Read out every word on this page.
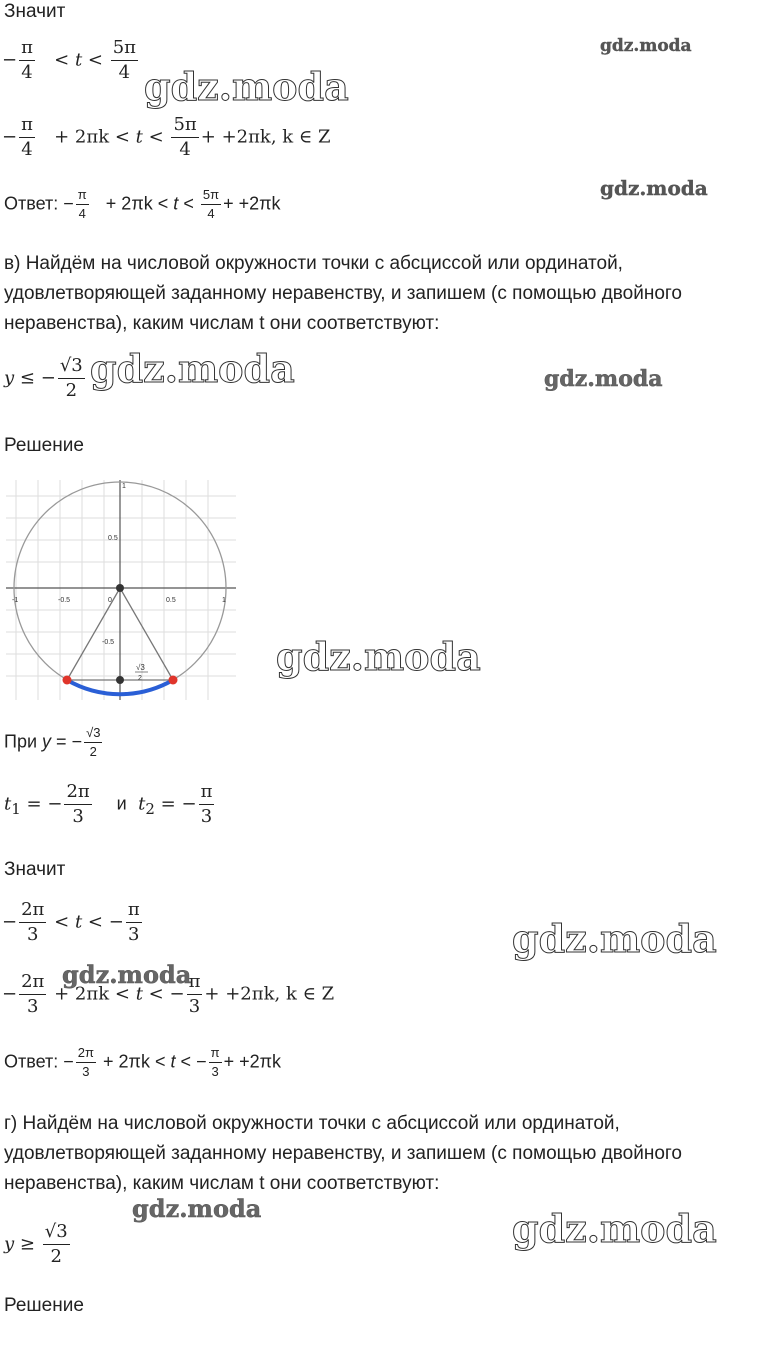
Значит
− $\frac{\pi}{4} < t < \frac{5\pi}{4}$
− $\frac{\pi}{4} + 2\pi k < t < \frac{5\pi}{4} + +2\pi k$, k ∈ Z
Ответ: − $\frac{\pi}{4} + 2\pi k < t < \frac{5\pi}{4} + +2\pi k$
в) Найдём на числовой окружности точки с абсциссой или ординатой,
удовлетворяющей заданному неравенству, и запишем (с помощью двойного
неравенства), каким числам t они соответствуют:
y ≤ − $\frac{√3}{2}$
Решение
-1	-0.5	0	0.5	1
0.5
-0.5
1
√3
2
При y = − $\frac{√3}{2}$
$t_1$ = − $\frac{2\pi}{3}$ и $t_2$ = − $\frac{\pi}{3}$
Значит
− $\frac{2\pi}{3} < t$ < − $\frac{\pi}{3}$
− $\frac{2\pi}{3} + 2\pi k < t$ < − $\frac{\pi}{3} + +2\pi k$, k ∈ Z
Ответ: − $\frac{2\pi}{3} + 2\pi k < t$ < − $\frac{\pi}{3} + +2\pi k$
г) Найдём на числовой окружности точки с абсциссой или ординатой,
удовлетворяющей заданному неравенству, и запишем (с помощью двойного
неравенства), каким числам t они соответствуют:
$y \ge \frac{√3}{2}$
Решение
gdz.moda
gdz.moda
gdz.moda
gdz.moda	gdz.moda
gdz.moda
gdz.moda
gdz.moda
gdz.moda	gdz.moda
